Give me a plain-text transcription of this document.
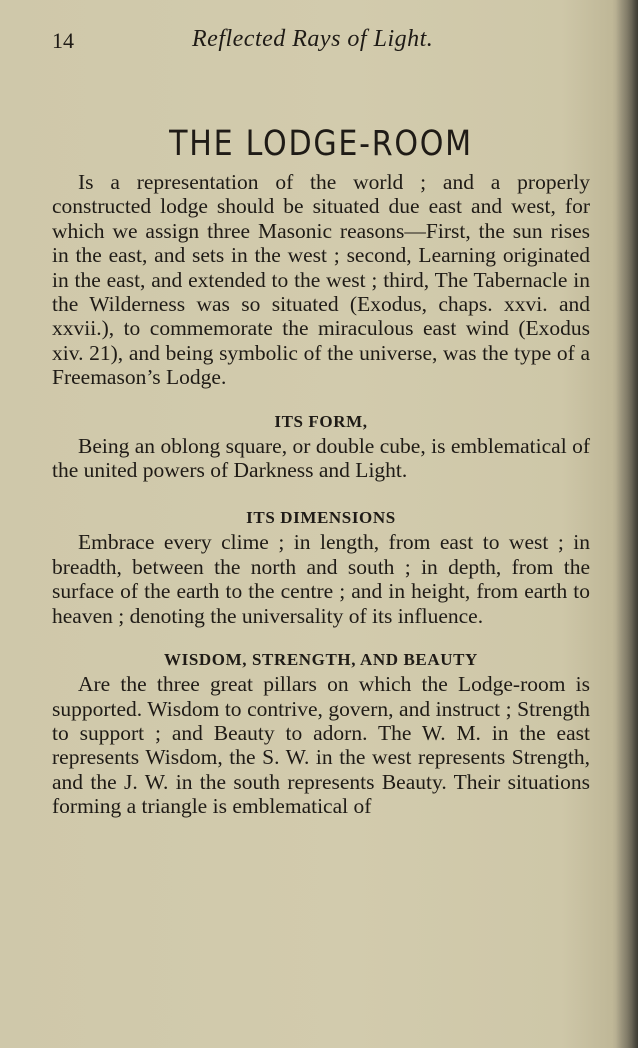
14	Reflected Rays of Light.
THE LODGE-ROOM

Is a representation of the world ; and a properly constructed lodge should be situated due east and west, for which we assign three Masonic reasons—First, the sun rises in the east, and sets in the west ; second, Learning originated in the east, and extended to the west ; third, The Tabernacle in the Wilderness was so situated (Exodus, chaps. xxvi. and xxvii.), to commemorate the miraculous east wind (Exodus xiv. 21), and being symbolic of the universe, was the type of a Freemason’s Lodge.

ITS FORM,

Being an oblong square, or double cube, is emblematical of the united powers of Darkness and Light.

ITS DIMENSIONS

Embrace every clime ; in length, from east to west ; in breadth, between the north and south ; in depth, from the surface of the earth to the centre ; and in height, from earth to heaven ; denoting the universality of its influence.

WISDOM, STRENGTH, AND BEAUTY

Are the three great pillars on which the Lodge-room is supported. Wisdom to contrive, govern, and instruct ; Strength to support ; and Beauty to adorn. The W. M. in the east represents Wisdom, the S. W. in the west represents Strength, and the J. W. in the south represents Beauty. Their situations forming a triangle is emblematical of
